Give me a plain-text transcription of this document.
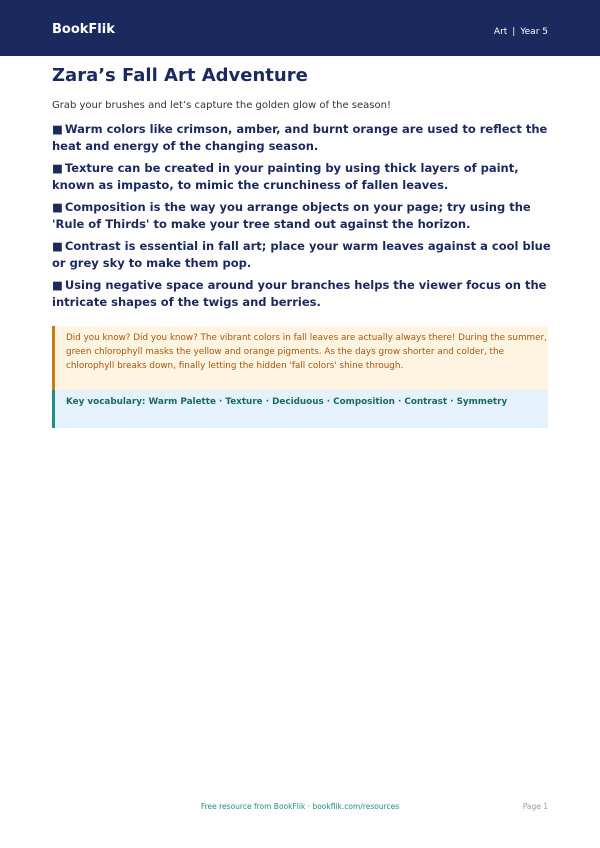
BookFlik	Art | Year 5
Zara’s Fall Art Adventure
Grab your brushes and let’s capture the golden glow of the season!
■ Warm colors like crimson, amber, and burnt orange are used to reflect the heat and energy of the changing season.
■ Texture can be created in your painting by using thick layers of paint, known as impasto, to mimic the crunchiness of fallen leaves.
■ Composition is the way you arrange objects on your page; try using the 'Rule of Thirds' to make your tree stand out against the horizon.
■ Contrast is essential in fall art; place your warm leaves against a cool blue or grey sky to make them pop.
■ Using negative space around your branches helps the viewer focus on the intricate shapes of the twigs and berries.
Did you know? Did you know? The vibrant colors in fall leaves are actually always there! During the summer, green chlorophyll masks the yellow and orange pigments. As the days grow shorter and colder, the chlorophyll breaks down, finally letting the hidden 'fall colors' shine through.
Key vocabulary: Warm Palette · Texture · Deciduous · Composition · Contrast · Symmetry
Free resource from BookFlik · bookflik.com/resources	Page 1
